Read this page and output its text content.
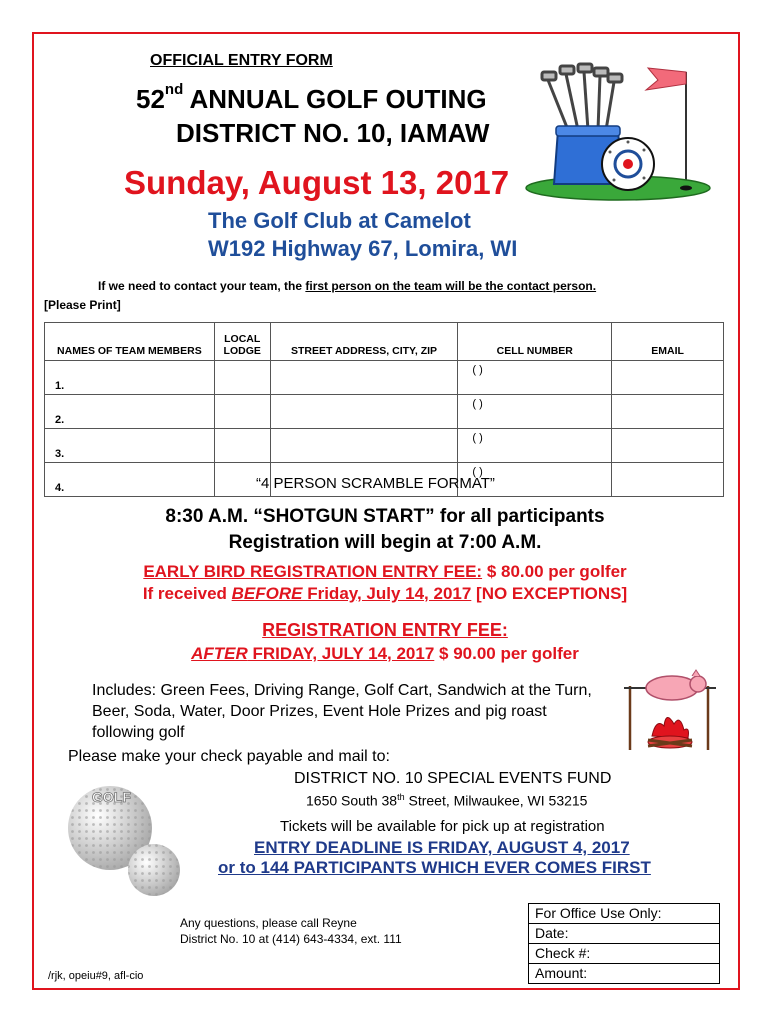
OFFICIAL ENTRY FORM
52nd ANNUAL GOLF OUTING
DISTRICT NO. 10, IAMAW
Sunday, August 13, 2017
The Golf Club at Camelot
W192 Highway 67, Lomira, WI
If we need to contact your team, the first person on the team will be the contact person.
[Please Print]
NAMES OF TEAM MEMBERS	LOCAL LODGE	STREET ADDRESS, CITY, ZIP	CELL NUMBER	EMAIL
1.			( )	
2.			( )	
3.			( )	
4.			( )	
“4 PERSON SCRAMBLE FORMAT”
8:30 A.M. “SHOTGUN START” for all participants
Registration will begin at 7:00 A.M.
EARLY BIRD REGISTRATION ENTRY FEE: $ 80.00 per golfer
If received BEFORE Friday, July 14, 2017 [NO EXCEPTIONS]
REGISTRATION ENTRY FEE:
AFTER FRIDAY, JULY 14, 2017 $ 90.00 per golfer
Includes: Green Fees, Driving Range, Golf Cart, Sandwich at the Turn, Beer, Soda, Water, Door Prizes, Event Hole Prizes and pig roast following golf
Please make your check payable and mail to:
DISTRICT NO. 10 SPECIAL EVENTS FUND
1650 South 38th Street, Milwaukee, WI 53215
GOLF
Tickets will be available for pick up at registration
ENTRY DEADLINE IS FRIDAY, AUGUST 4, 2017
or to 144 PARTICIPANTS WHICH EVER COMES FIRST
Any questions, please call Reyne
District No. 10 at (414) 643-4334, ext. 111
/rjk, opeiu#9, afl-cio
For Office Use Only:
Date:
Check #:
Amount:
